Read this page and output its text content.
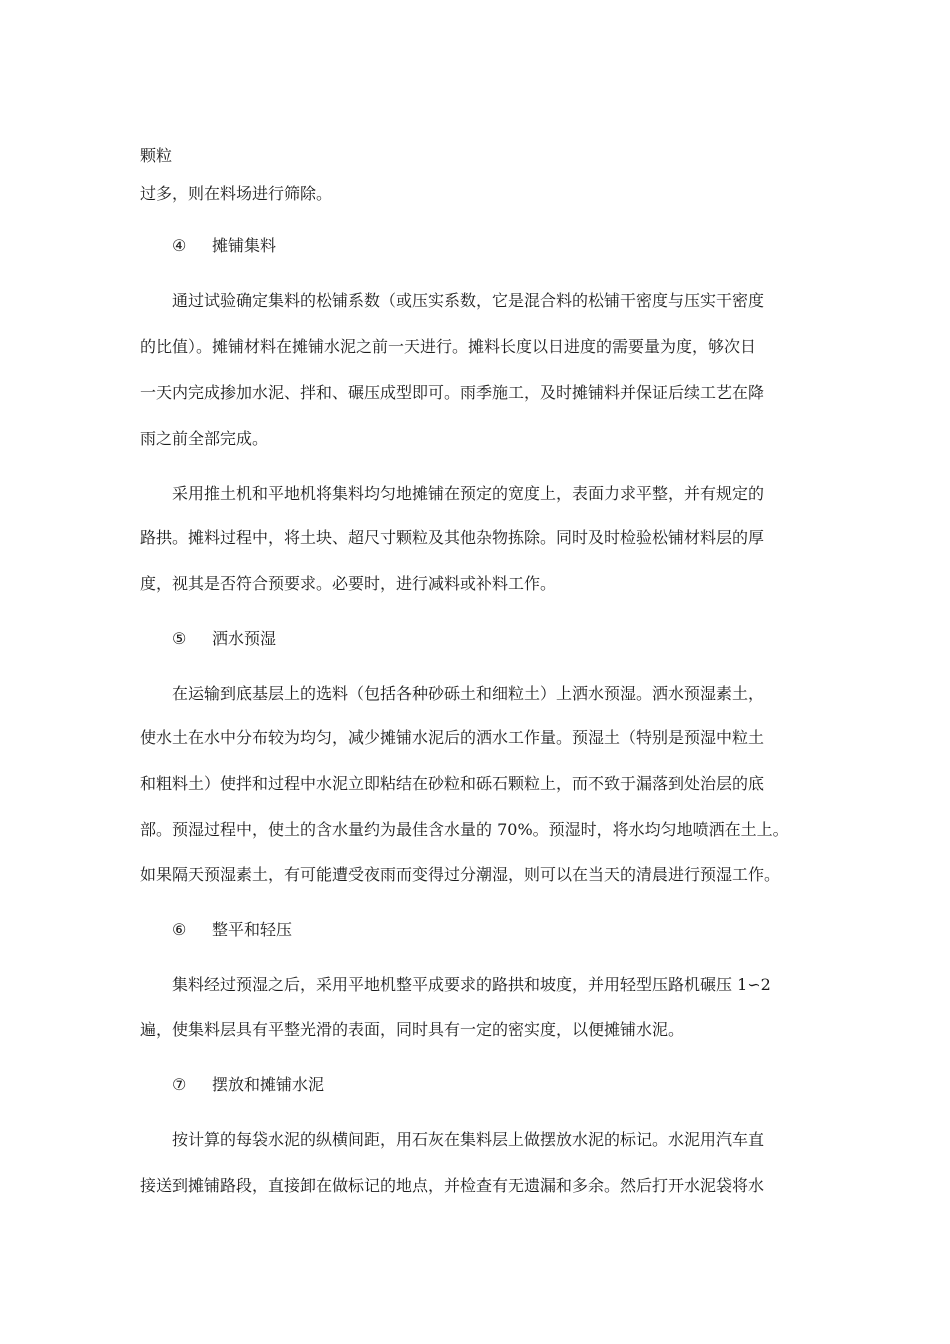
颗粒
过多，则在料场进行筛除。
④ 摊铺集料
通过试验确定集料的松铺系数（或压实系数，它是混合料的松铺干密度与压实干密度
的比值）。摊铺材料在摊铺水泥之前一天进行。摊料长度以日进度的需要量为度，够次日
一天内完成掺加水泥、拌和、碾压成型即可。雨季施工，及时摊铺料并保证后续工艺在降
雨之前全部完成。
采用推土机和平地机将集料均匀地摊铺在预定的宽度上，表面力求平整，并有规定的
路拱。摊料过程中，将土块、超尺寸颗粒及其他杂物拣除。同时及时检验松铺材料层的厚
度，视其是否符合预要求。必要时，进行减料或补料工作。
⑤ 洒水预湿
在运输到底基层上的选料（包括各种砂砾土和细粒土）上洒水预湿。洒水预湿素土，
使水土在水中分布较为均匀，减少摊铺水泥后的洒水工作量。预湿土（特别是预湿中粒土
和粗料土）使拌和过程中水泥立即粘结在砂粒和砾石颗粒上，而不致于漏落到处治层的底
部。预湿过程中，使土的含水量约为最佳含水量的 70%。预湿时，将水均匀地喷洒在土上。
如果隔天预湿素土，有可能遭受夜雨而变得过分潮湿，则可以在当天的清晨进行预湿工作。
⑥ 整平和轻压
集料经过预湿之后，采用平地机整平成要求的路拱和坡度，并用轻型压路机碾压 1∽2
遍，使集料层具有平整光滑的表面，同时具有一定的密实度，以便摊铺水泥。
⑦ 摆放和摊铺水泥
按计算的每袋水泥的纵横间距，用石灰在集料层上做摆放水泥的标记。水泥用汽车直
接送到摊铺路段，直接卸在做标记的地点，并检查有无遗漏和多余。然后打开水泥袋将水
